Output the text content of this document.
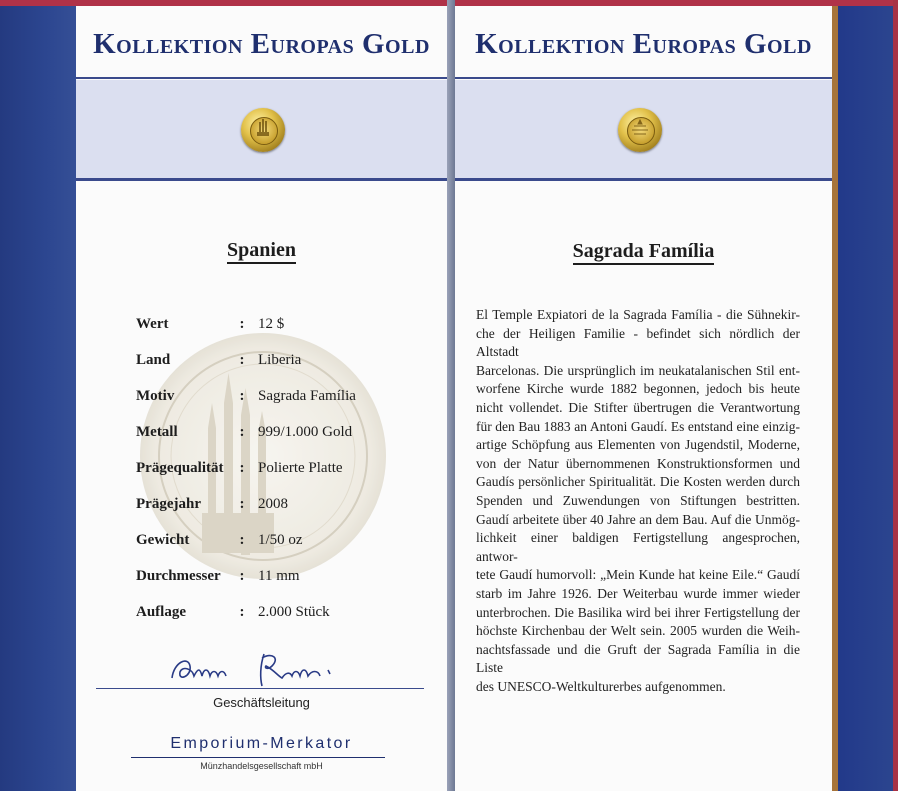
Kollektion Europas Gold
Spanien
Wert	:	12 $
Land	:	Liberia
Motiv	:	Sagrada Família
Metall	:	999/1.000 Gold
Prägequalität	:	Polierte Platte
Prägejahr	:	2008
Gewicht	:	1/50 oz
Durchmesser	:	11 mm
Auflage	:	2.000 Stück
Geschäftsleitung
Emporium-Merkator
Münzhandelsgesellschaft mbH
Kollektion Europas Gold
Sagrada Família
El Temple Expiatori de la Sagrada Família - die Sühnekir-
che der Heiligen Familie - befindet sich nördlich der Altstadt
Barcelonas. Die ursprünglich im neukatalanischen Stil ent-
worfene Kirche wurde 1882 begonnen, jedoch bis heute
nicht vollendet. Die Stifter übertrugen die Verantwortung
für den Bau 1883 an Antoni Gaudí. Es entstand eine einzig-
artige Schöpfung aus Elementen von Jugendstil, Moderne,
von der Natur übernommenen Konstruktionsformen und
Gaudís persönlicher Spiritualität. Die Kosten werden durch
Spenden und Zuwendungen von Stiftungen bestritten.
Gaudí arbeitete über 40 Jahre an dem Bau. Auf die Unmög-
lichkeit einer baldigen Fertigstellung angesprochen, antwor-
tete Gaudí humorvoll: „Mein Kunde hat keine Eile.“ Gaudí
starb im Jahre 1926. Der Weiterbau wurde immer wieder
unterbrochen. Die Basilika wird bei ihrer Fertigstellung der
höchste Kirchenbau der Welt sein. 2005 wurden die Weih-
nachtsfassade und die Gruft der Sagrada Família in die Liste
des UNESCO-Weltkulturerbes aufgenommen.
